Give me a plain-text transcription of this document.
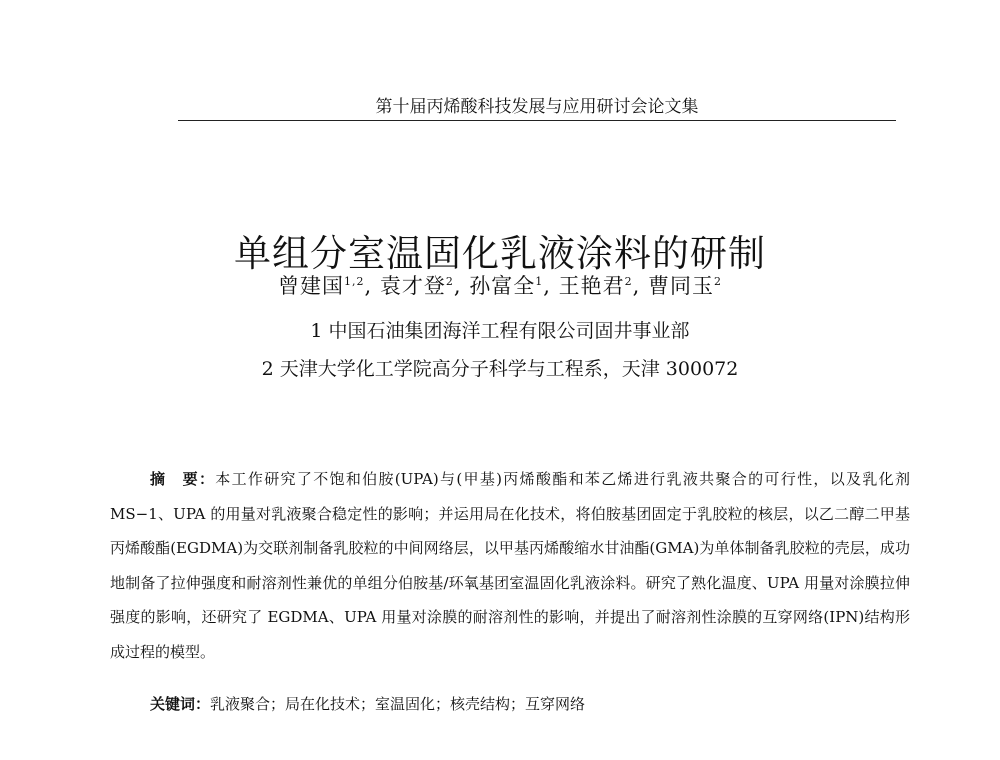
第十届丙烯酸科技发展与应用研讨会论文集
单组分室温固化乳液涂料的研制
曾建国$^{1,2}$, 袁才登$^2$, 孙富全$^1$, 王艳君$^2$, 曹同玉$^2$
1 中国石油集团海洋工程有限公司固井事业部
2 天津大学化工学院高分子科学与工程系，天津 300072

摘　要：本工作研究了不饱和伯胺(UPA)与(甲基)丙烯酸酯和苯乙烯进行乳液共聚合的可行性，以及乳化剂 MS−1、UPA 的用量对乳液聚合稳定性的影响；并运用局在化技术，将伯胺基团固定于乳胶粒的核层，以乙二醇二甲基丙烯酸酯(EGDMA)为交联剂制备乳胶粒的中间网络层，以甲基丙烯酸缩水甘油酯(GMA)为单体制备乳胶粒的壳层，成功地制备了拉伸强度和耐溶剂性兼优的单组分伯胺基/环氧基团室温固化乳液涂料。研究了熟化温度、UPA 用量对涂膜拉伸强度的影响，还研究了 EGDMA、UPA 用量对涂膜的耐溶剂性的影响，并提出了耐溶剂性涂膜的互穿网络(IPN)结构形成过程的模型。

关键词：乳液聚合；局在化技术；室温固化；核壳结构；互穿网络
